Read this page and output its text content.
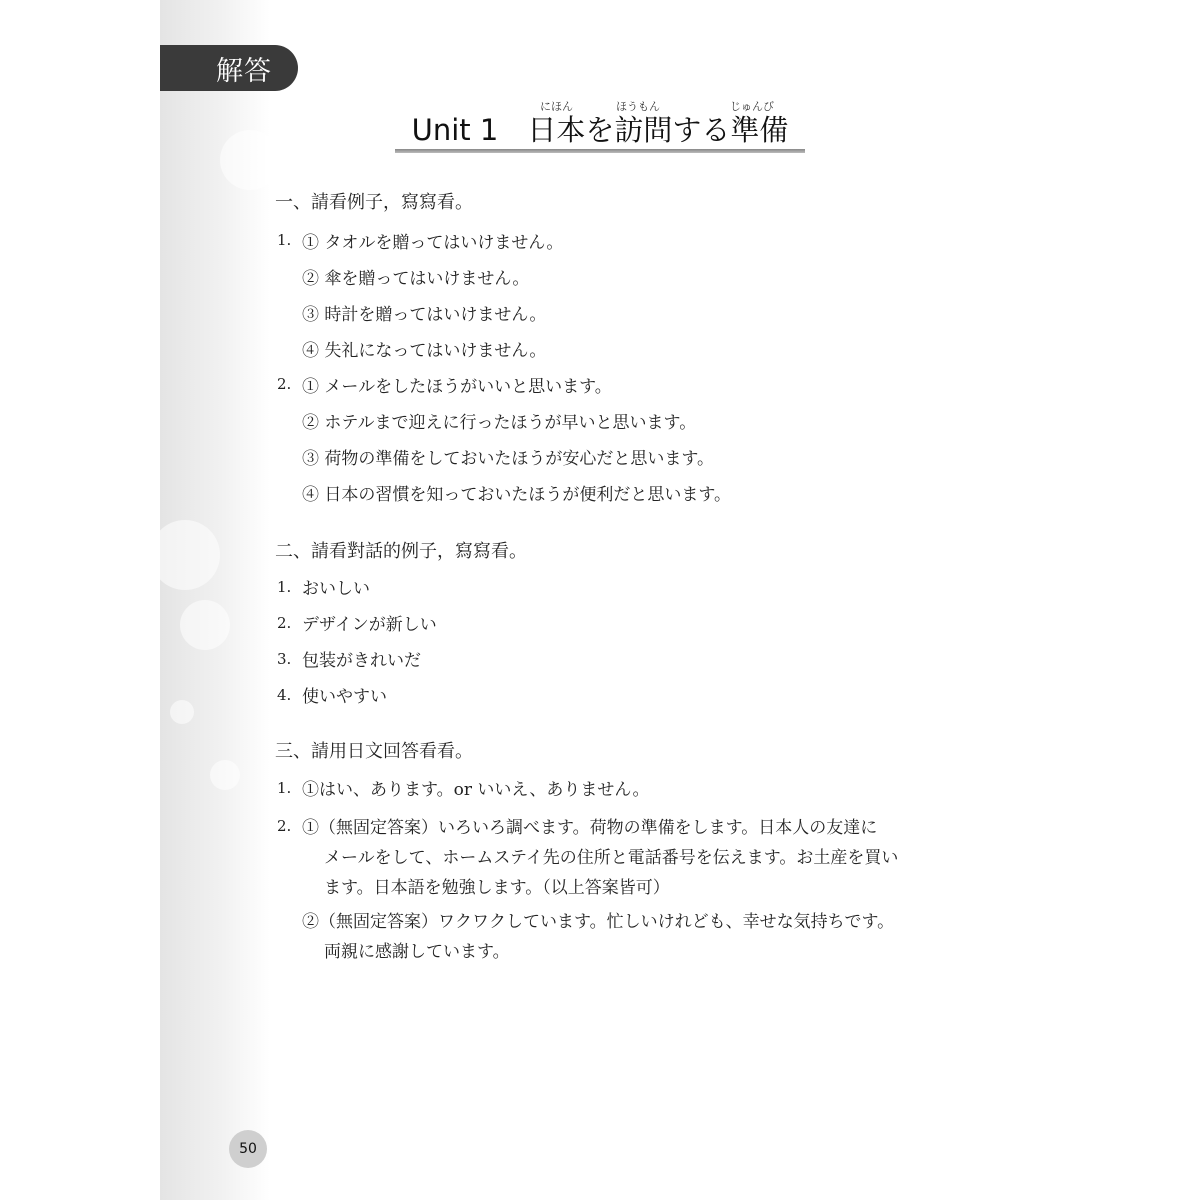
解答
にほん	ほうもん	じゅんび
Unit 1　日本を訪問する準備
一、請看例子，寫寫看。
1. ① タオルを贈ってはいけません。
② 傘を贈ってはいけません。
③ 時計を贈ってはいけません。
④ 失礼になってはいけません。
2. ① メールをしたほうがいいと思います。
② ホテルまで迎えに行ったほうが早いと思います。
③ 荷物の準備をしておいたほうが安心だと思います。
④ 日本の習慣を知っておいたほうが便利だと思います。
二、請看對話的例子，寫寫看。
1. おいしい
2. デザインが新しい
3. 包装がきれいだ
4. 使いやすい
三、請用日文回答看看。
1. ①はい、あります。or いいえ、ありません。
2. ①（無固定答案）いろいろ調べます。荷物の準備をします。日本人の友達に
メールをして、ホームステイ先の住所と電話番号を伝えます。お土産を買い
ます。日本語を勉強します。（以上答案皆可）
②（無固定答案）ワクワクしています。忙しいけれども、幸せな気持ちです。
両親に感謝しています。
50
